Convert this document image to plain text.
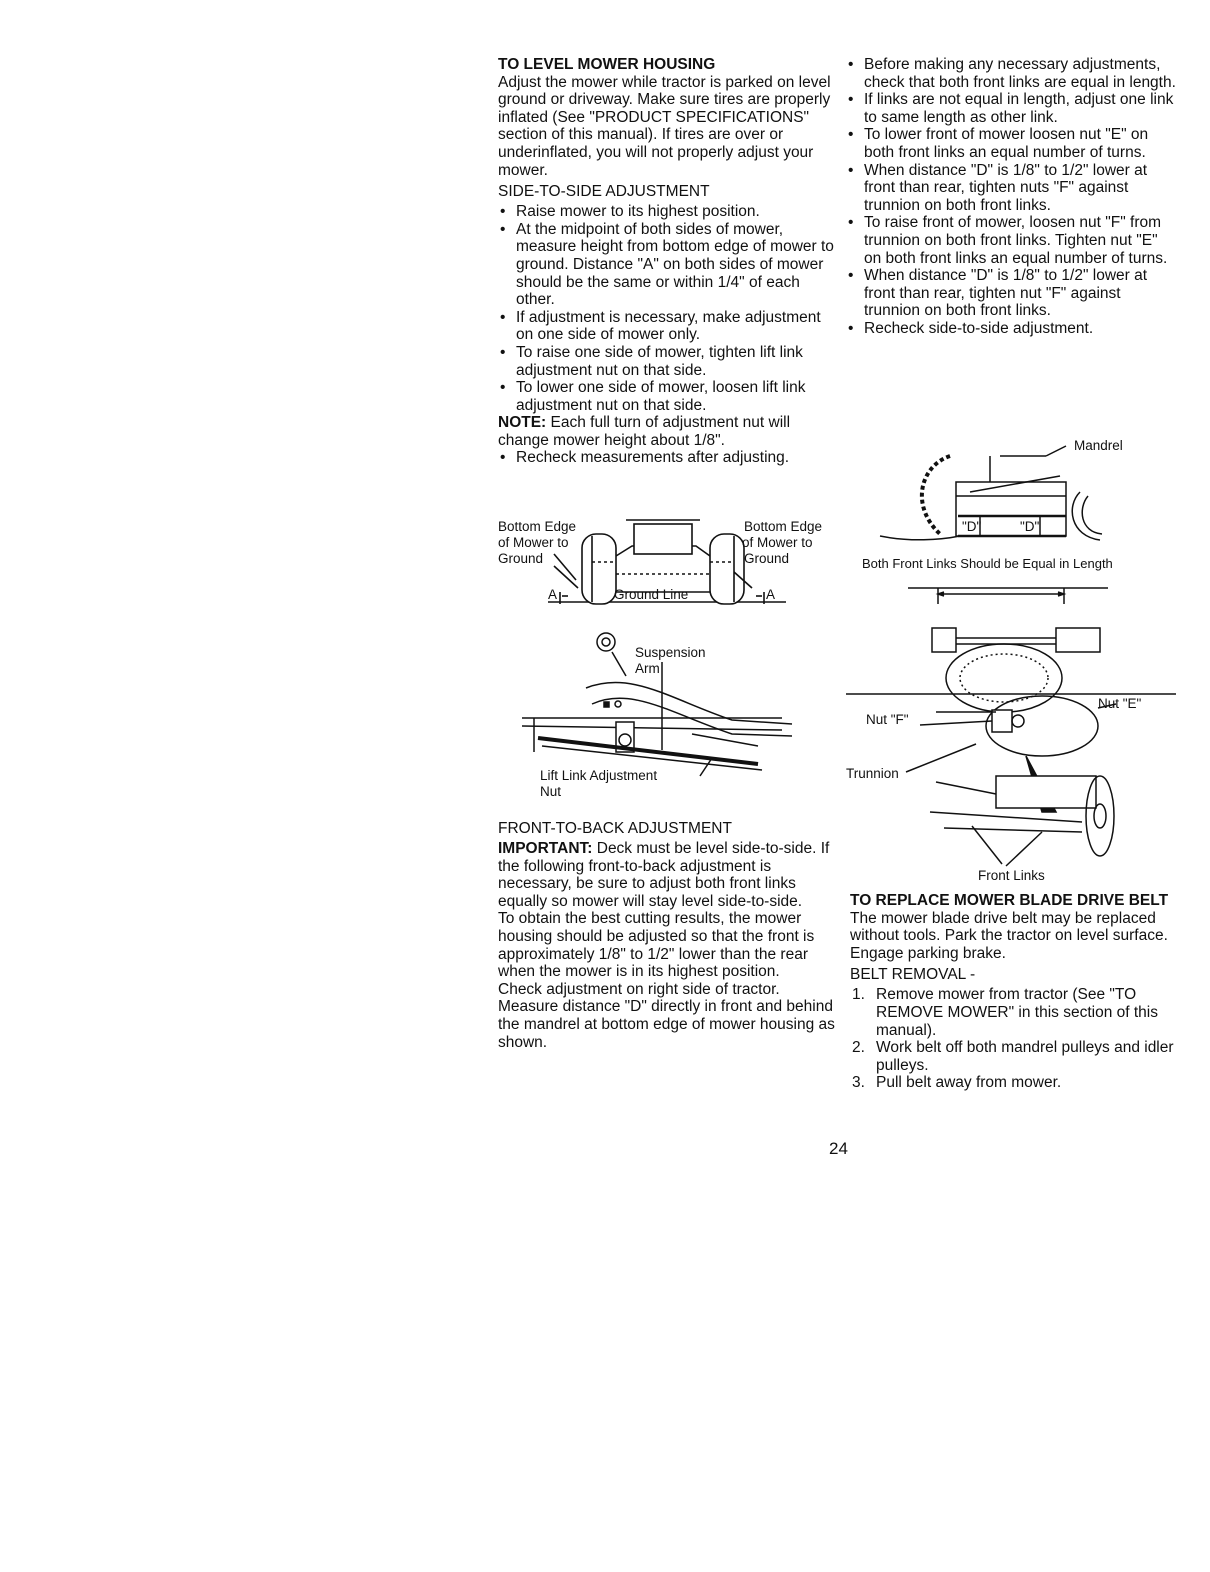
TO LEVEL MOWER HOUSING

Adjust the mower while tractor is parked on level ground or driveway. Make sure tires are properly inflated (See "PRODUCT SPECIFICATIONS" section of this manual). If tires are over or underinflated, you will not properly adjust your mower.

SIDE-TO-SIDE ADJUSTMENT

• Raise mower to its highest position.
• At the midpoint of both sides of mower, measure height from bottom edge of mower to ground. Distance "A" on both sides of mower should be the same or within 1/4" of each other.
• If adjustment is necessary, make adjustment on one side of mower only.
• To raise one side of mower, tighten lift link adjustment nut on that side.
• To lower one side of mower, loosen lift link adjustment nut on that side.

NOTE: Each full turn of adjustment nut will change mower height about 1/8".

• Recheck measurements after adjusting.
Bottom Edge
of Mower to
Ground
Bottom Edge
of Mower to
Ground
A	A
Ground Line
Suspension
Arm
Lift Link Adjustment
Nut

FRONT-TO-BACK ADJUSTMENT

IMPORTANT: Deck must be level side-to-side. If the following front-to-back adjustment is necessary, be sure to adjust both front links equally so mower will stay level side-to-side.

To obtain the best cutting results, the mower housing should be adjusted so that the front is approximately 1/8" to 1/2" lower than the rear when the mower is in its highest position.

Check adjustment on right side of tractor. Measure distance "D" directly in front and behind the mandrel at bottom edge of mower housing as shown.

• Before making any necessary adjustments, check that both front links are equal in length.
• If links are not equal in length, adjust one link to same length as other link.
• To lower front of mower loosen nut "E" on both front links an equal number of turns.
• When distance "D" is 1/8" to 1/2" lower at front than rear, tighten nuts "F" against trunnion on both front links.
• To raise front of mower, loosen nut "F" from trunnion on both front links. Tighten nut "E" on both front links an equal number of turns.
• When distance "D" is 1/8" to 1/2" lower at front than rear, tighten nut "F" against trunnion on both front links.
• Recheck side-to-side adjustment.
Mandrel
"D"	"D"
Both Front Links Should be Equal in Length
Nut "E"
Nut "F"
Trunnion
Front Links

TO REPLACE MOWER BLADE DRIVE BELT

The mower blade drive belt may be replaced without tools. Park the tractor on level surface. Engage parking brake.

BELT REMOVAL -

1. Remove mower from tractor (See "TO REMOVE MOWER" in this section of this manual).
2. Work belt off both mandrel pulleys and idler pulleys.
3. Pull belt away from mower.
24
